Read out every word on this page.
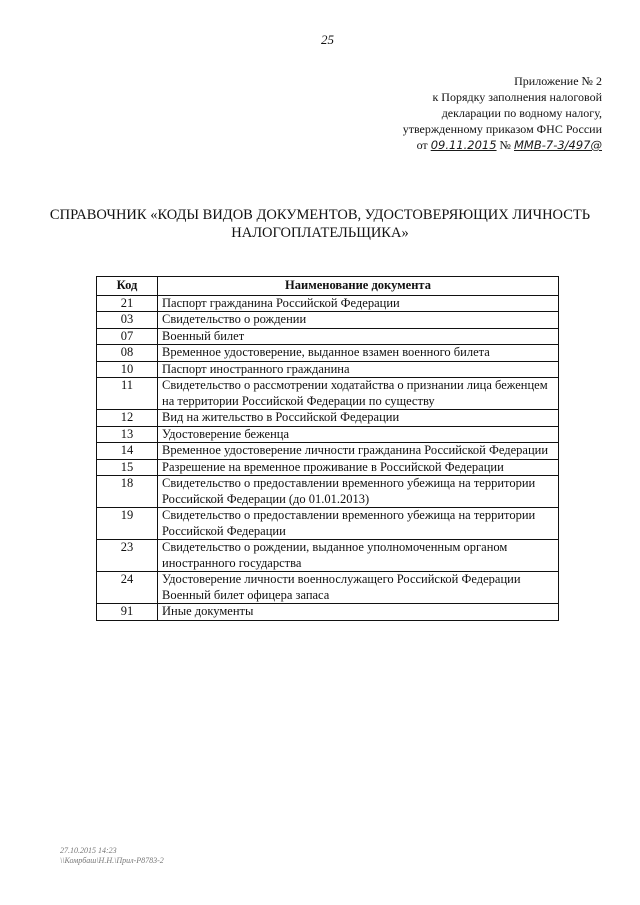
25
Приложение № 2
к Порядку заполнения налоговой
декларации по водному налогу,
утвержденному приказом ФНС России
от 09.11.2015 № ММВ-7-3/497@
СПРАВОЧНИК «КОДЫ ВИДОВ ДОКУМЕНТОВ, УДОСТОВЕРЯЮЩИХ ЛИЧНОСТЬ
НАЛОГОПЛАТЕЛЬЩИКА»
Код	Наименование документа
21	Паспорт гражданина Российской Федерации
03	Свидетельство о рождении
07	Военный билет
08	Временное удостоверение, выданное взамен военного билета
10	Паспорт иностранного гражданина
11	Свидетельство о рассмотрении ходатайства о признании лица беженцем на территории Российской Федерации по существу
12	Вид на жительство в Российской Федерации
13	Удостоверение беженца
14	Временное удостоверение личности гражданина Российской Федерации
15	Разрешение на временное проживание в Российской Федерации
18	Свидетельство о предоставлении временного убежища на территории Российской Федерации (до 01.01.2013)
19	Свидетельство о предоставлении временного убежища на территории Российской Федерации
23	Свидетельство о рождении, выданное уполномоченным органом иностранного государства
24	Удостоверение личности военнослужащего Российской Федерации Военный билет офицера запаса
91	Иные документы
27.10.2015 14:23
\\Комрбаш\Н.Н.\Прил-Р8783-2
